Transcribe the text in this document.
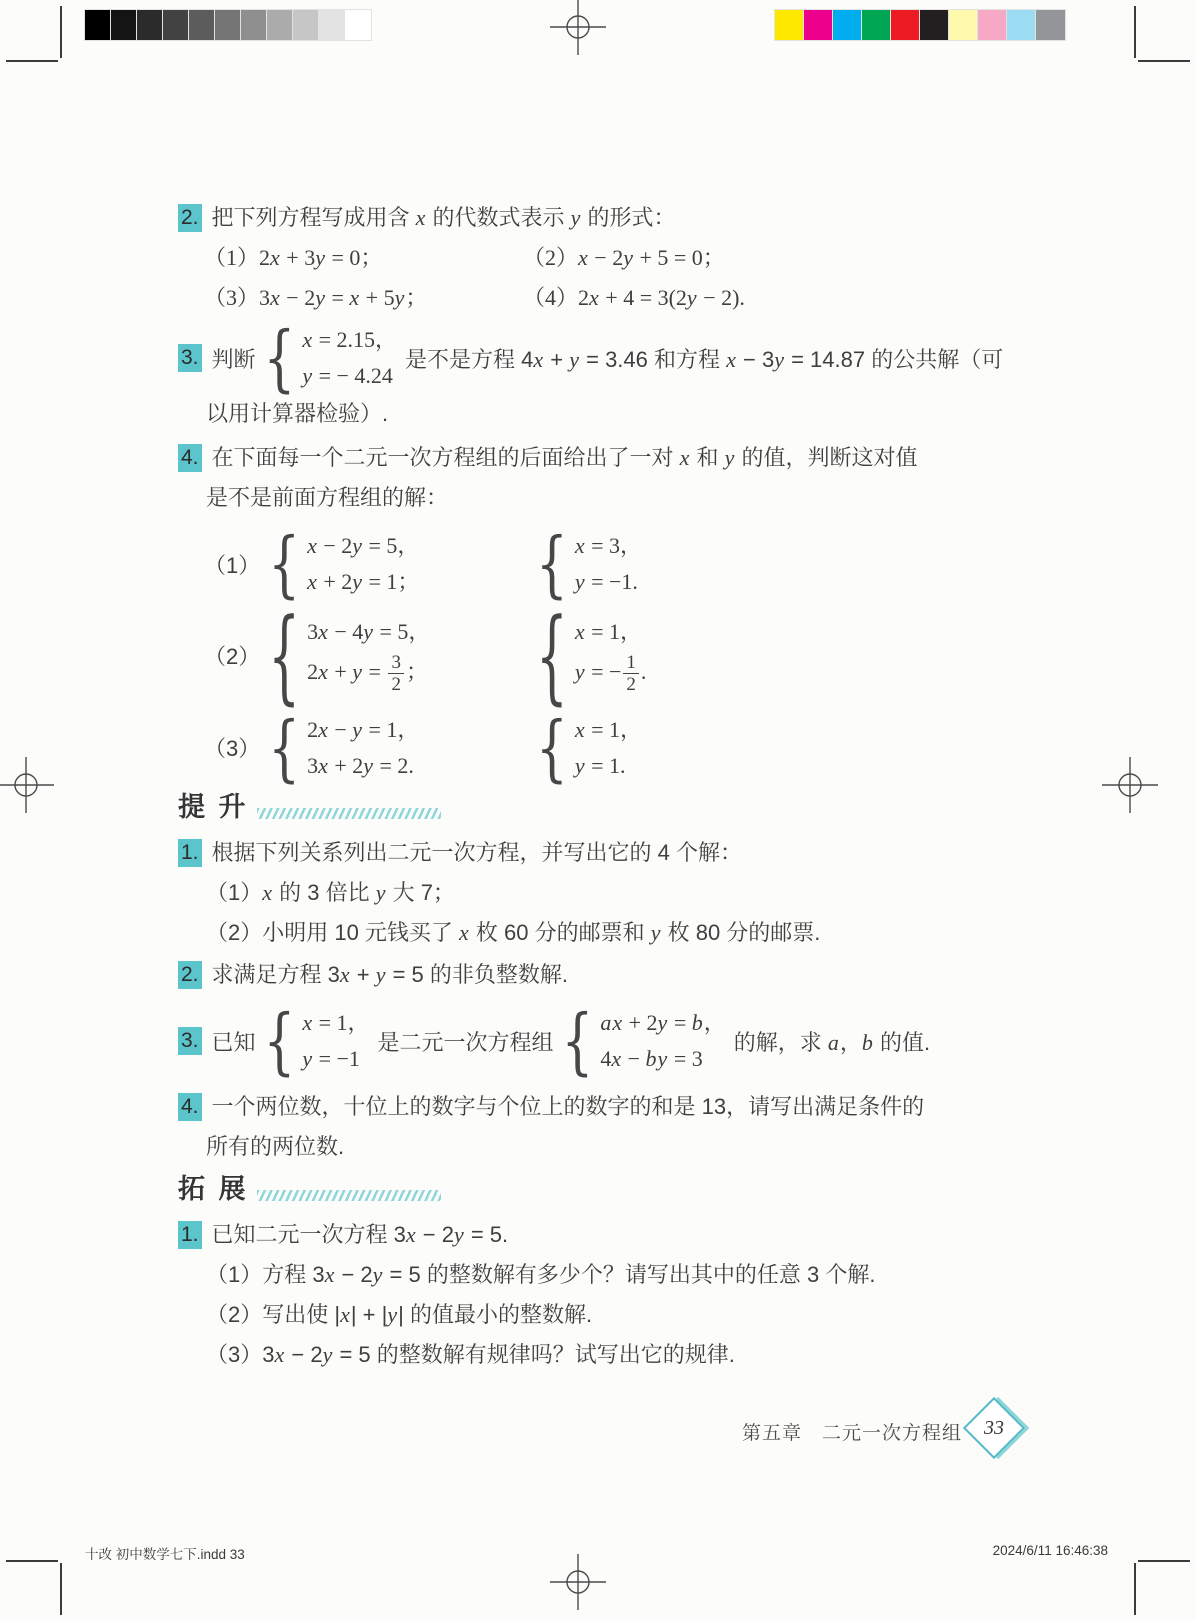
2. 把下列方程写成用含 x 的代数式表示 y 的形式：
（1）2x + 3y = 0；	（2）x − 2y + 5 = 0；
（3）3x − 2y = x + 5y；	（4）2x + 4 = 3(2y − 2).
3. 判断
{
x = 2.15，
y = − 4.24
是不是方程 4x + y = 3.46 和方程 x − 3y = 14.87 的公共解（可
以用计算器检验）.
4. 在下面每一个二元一次方程组的后面给出了一对 x 和 y 的值，判断这对值
是不是前面方程组的解：
（1）
{
x − 2y = 5，
x + 2y = 1；
{
x = 3，
y = −1.
（2）
{
3x − 4y = 5，
$2x + y = \frac{3}{2}$ ；
{
x = 1，
y = − $\frac{1}{2}$ .
（3）
{
2x − y = 1，
3x + 2y = 2.
{
x = 1，
y = 1.
提 升
1. 根据下列关系列出二元一次方程，并写出它的 4 个解：
（1）x 的 3 倍比 y 大 7；
（2）小明用 10 元钱买了 x 枚 60 分的邮票和 y 枚 80 分的邮票.
2. 求满足方程 3x + y = 5 的非负整数解.
3. 已知
{
x = 1，
y = −1
是二元一次方程组
{
ax + 2y = b，
4x − by = 3
的解，求 a，b 的值.
4. 一个两位数，十位上的数字与个位上的数字的和是 13，请写出满足条件的
所有的两位数.
拓 展
1. 已知二元一次方程 3x − 2y = 5.
（1）方程 3x − 2y = 5 的整数解有多少个？请写出其中的任意 3 个解.
（2）写出使 |x| + |y| 的值最小的整数解.
（3）3x − 2y = 5 的整数解有规律吗？试写出它的规律.
第五章　二元一次方程组	33
十改 初中数学七下.indd 33	2024/6/11 16:46:38
